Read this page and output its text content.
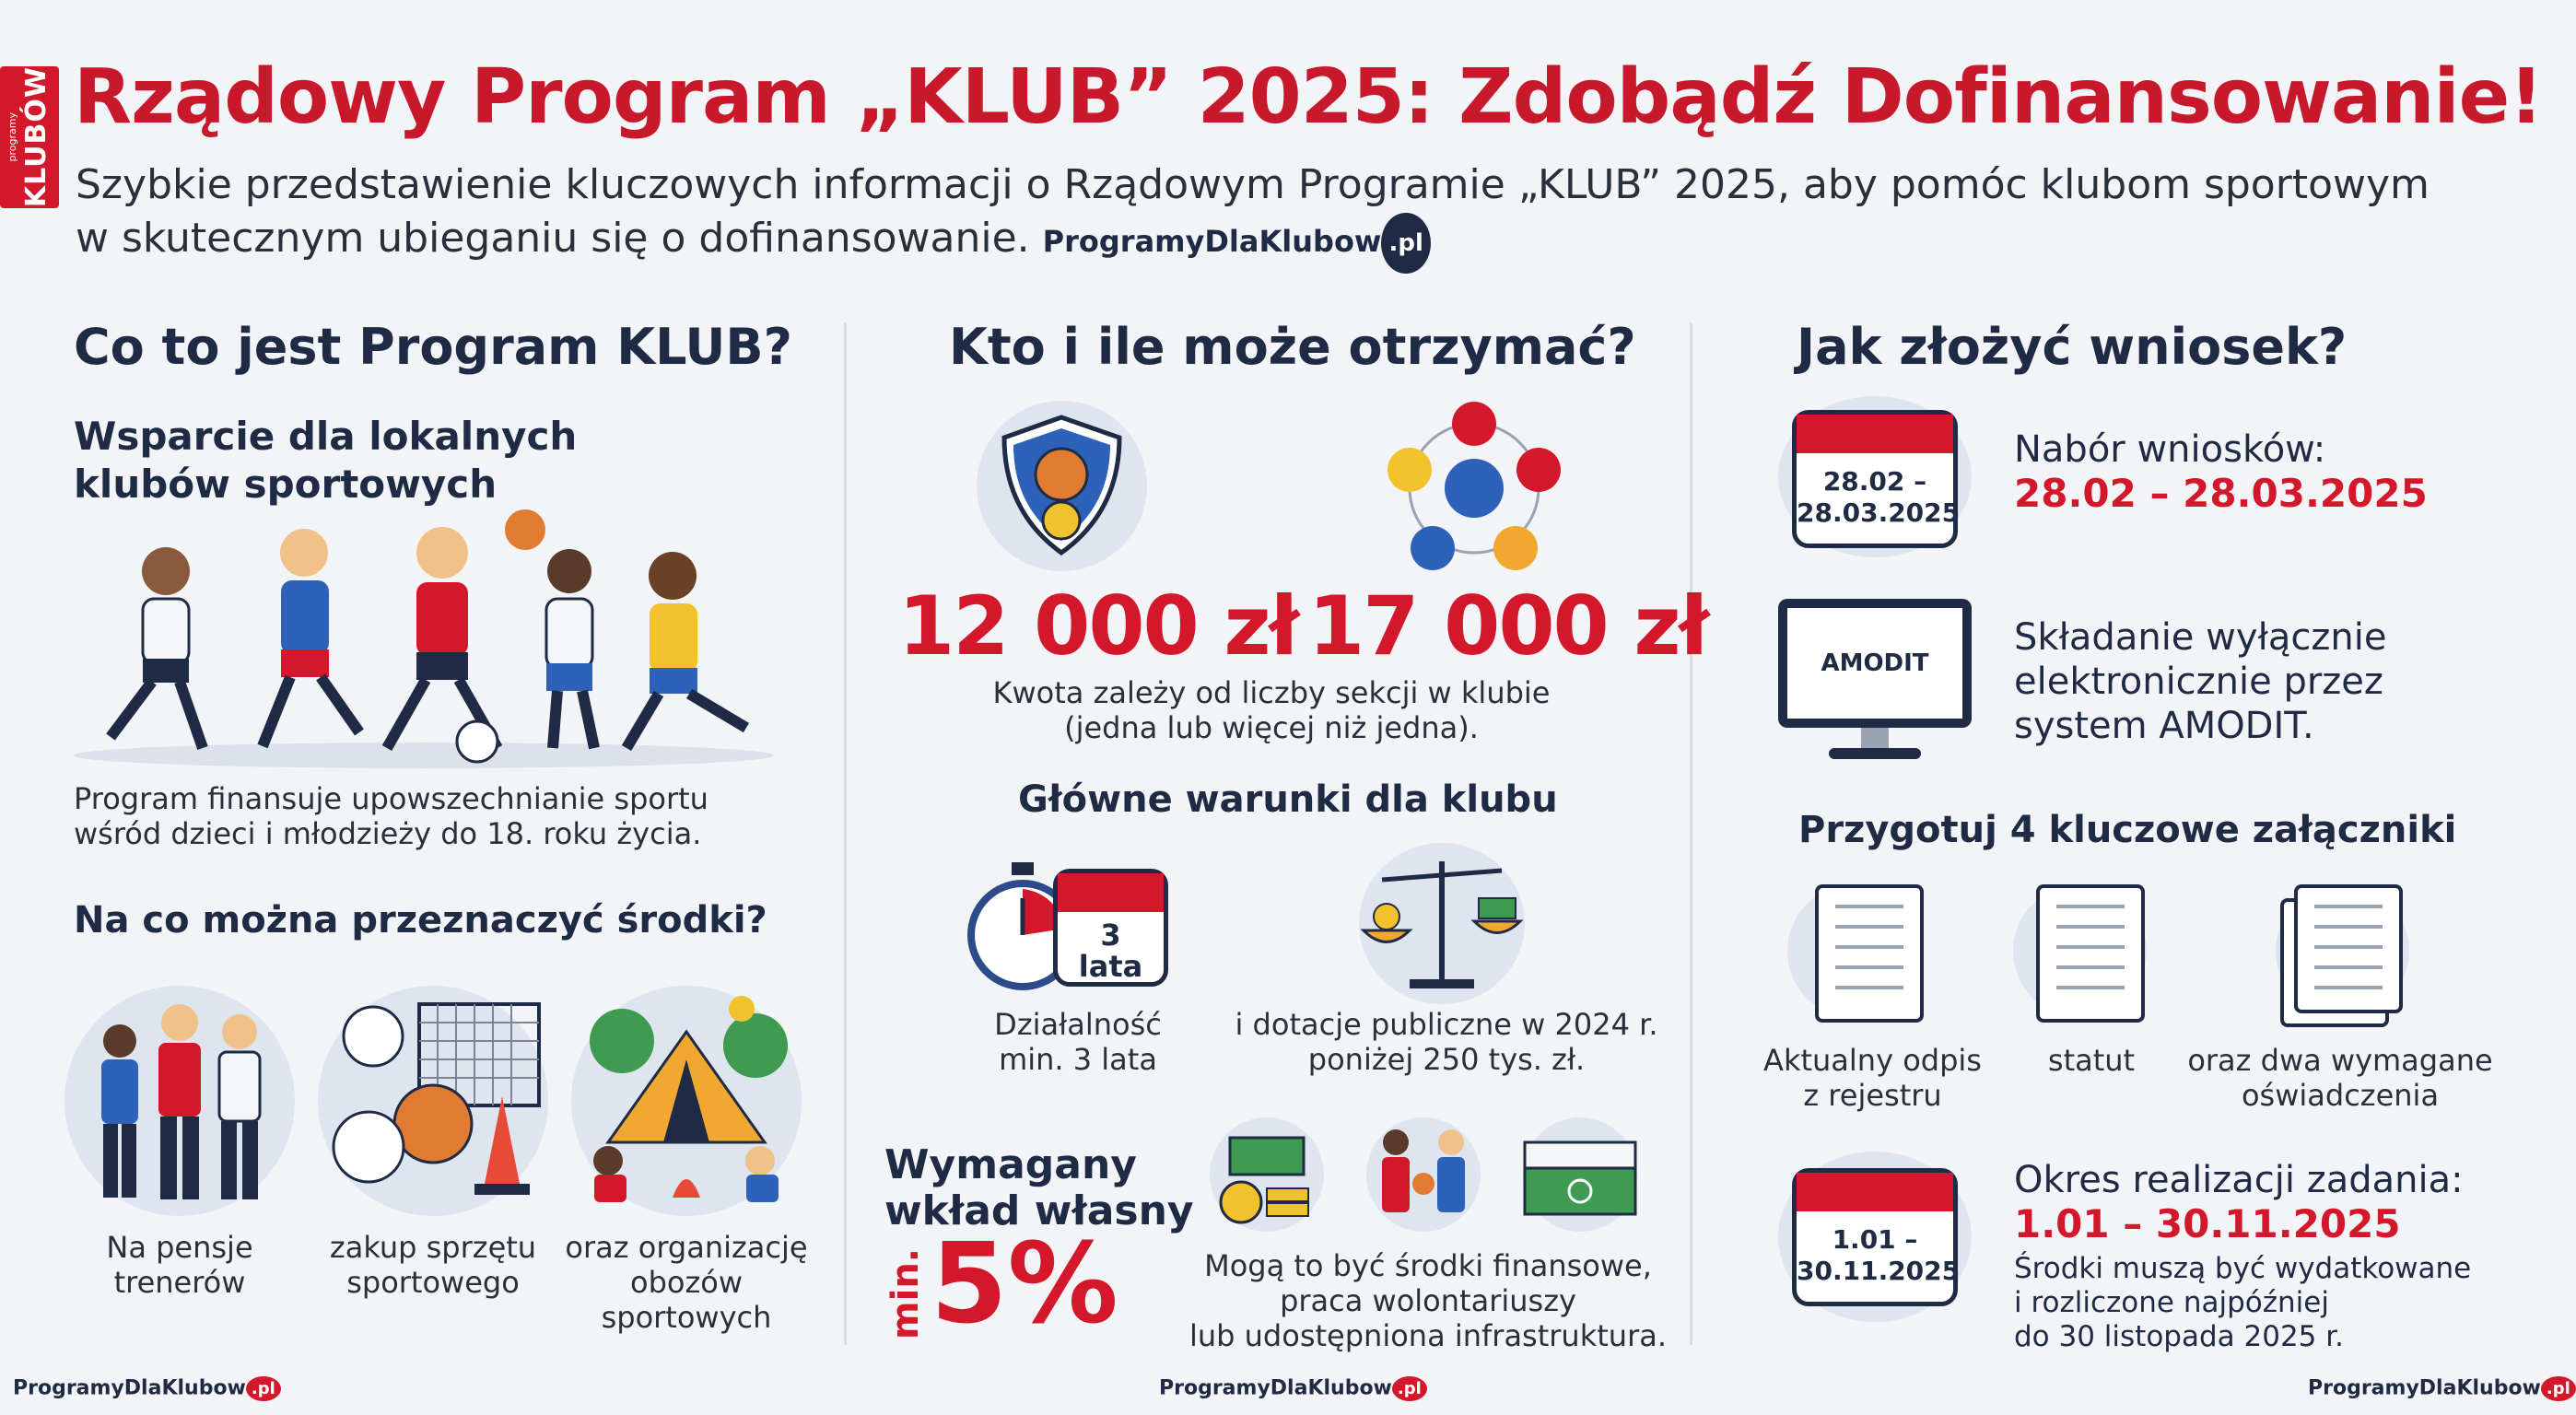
programy KLUBÓW Rządowy Program „KLUB” 2025: Zdobądź Dofinansowanie!
Szybkie przedstawienie kluczowych informacji o Rządowym Programie „KLUB” 2025, aby pomóc klubom sportowym
w skutecznym ubieganiu się o dofinansowanie. ProgramyDlaKlubow .pl
Co to jest Program KLUB?
Wsparcie dla lokalnych
klubów sportowych
Program finansuje upowszechnianie sportu
wśród dzieci i młodzieży do 18. roku życia.
Na co można przeznaczyć środki?
Na pensje
trenerów
zakup sprzętu
sportowego
oraz organizację
obozów
sportowych
Kto i ile może otrzymać?
12 000 zł 17 000 zł
Kwota zależy od liczby sekcji w klubie
(jedna lub więcej niż jedna).
Główne warunki dla klubu
3
lata
Działalność
min. 3 lata
i dotacje publiczne w 2024 r.
poniżej 250 tys. zł.
Wymagany
wkład własny
min. 5%	Mogą to być środki finansowe,
praca wolontariuszy
lub udostępniona infrastruktura.
Jak złożyć wniosek?
28.02 –
28.03.2025
Nabór wniosków:
28.02 – 28.03.2025
AMODIT
Składanie wyłącznie
elektronicznie przez
system AMODIT.
Przygotuj 4 kluczowe załączniki
Aktualny odpis
z rejestru
statut	oraz dwa wymagane
oświadczenia
1.01 –
30.11.2025
Okres realizacji zadania:
1.01 – 30.11.2025
Środki muszą być wydatkowane
i rozliczone najpóźniej
do 30 listopada 2025 r.
ProgramyDlaKlubow .pl	ProgramyDlaKlubow .pl	ProgramyDlaKlubow .pl
